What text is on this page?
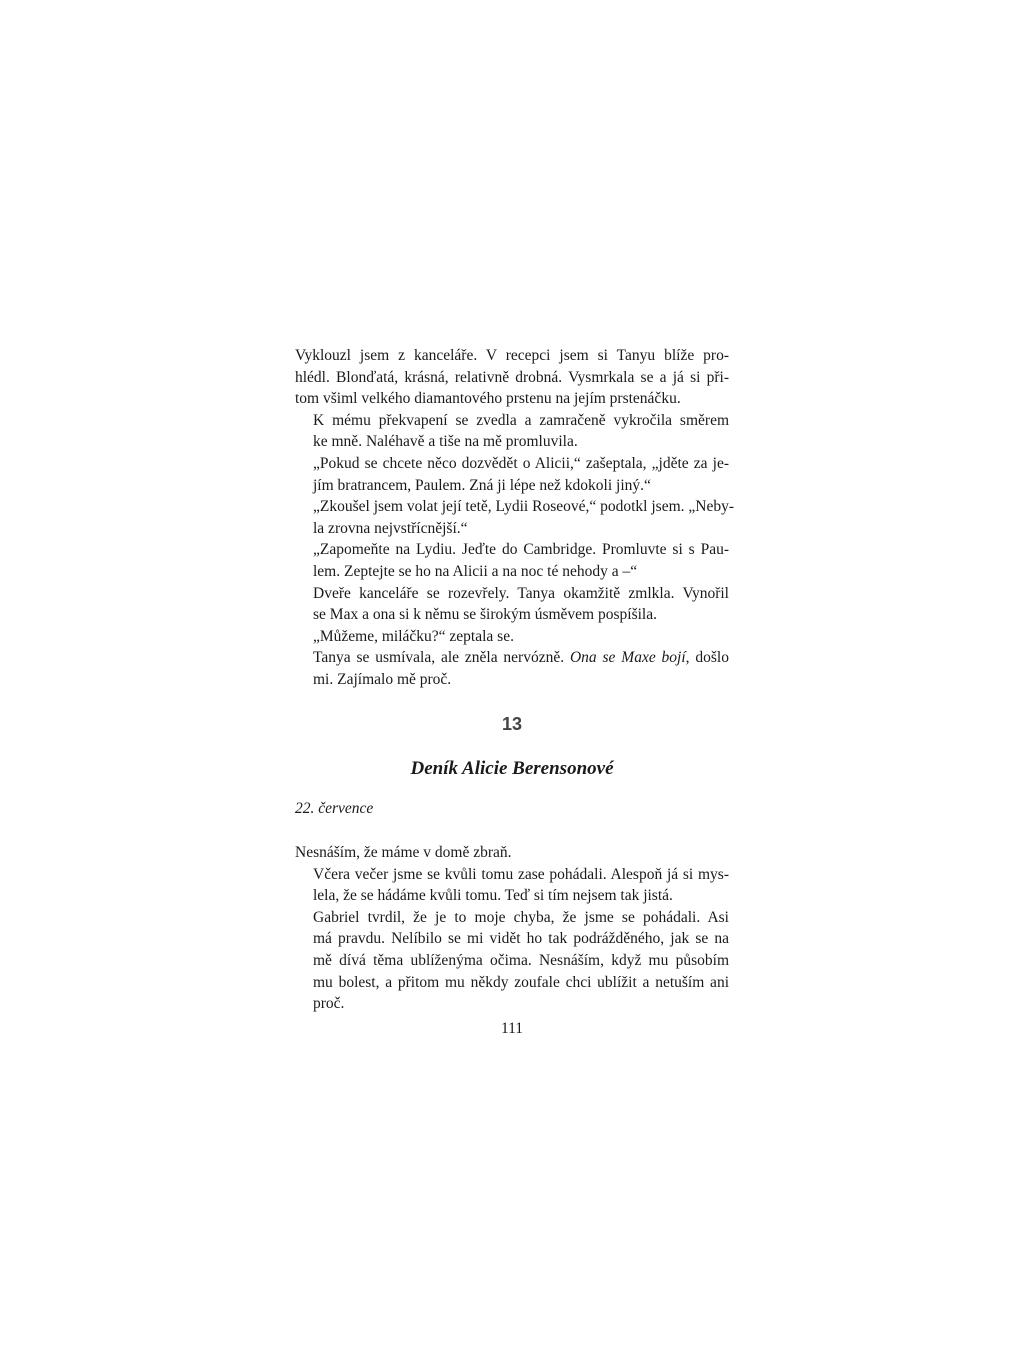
Vyklouzl jsem z kanceláře. V recepci jsem si Tanyu blíže pro-
hlédl. Blonďatá, krásná, relativně drobná. Vysmrkala se a já si při-
tom všiml velkého diamantového prstenu na jejím prstenáčku.

K mému překvapení se zvedla a zamračeně vykročila směrem
ke mně. Naléhavě a tiše na mě promluvila.

„Pokud se chcete něco dozvědět o Alicii,“ zašeptala, „jděte za je-
jím bratrancem, Paulem. Zná ji lépe než kdokoli jiný.“

„Zkoušel jsem volat její tetě, Lydii Roseové,“ podotkl jsem. „Neby-
la zrovna nejvstřícnější.“

„Zapomeňte na Lydiu. Jeďte do Cambridge. Promluvte si s Pau-
lem. Zeptejte se ho na Alicii a na noc té nehody a –“

Dveře kanceláře se rozevřely. Tanya okamžitě zmlkla. Vynořil
se Max a ona si k němu se širokým úsměvem pospíšila.

„Můžeme, miláčku?“ zeptala se.

Tanya se usmívala, ale zněla nervózně. Ona se Maxe bojí, došlo
mi. Zajímalo mě proč.

13
Deník Alicie Berensonové

22. července

Nesnáším, že máme v domě zbraň.

Včera večer jsme se kvůli tomu zase pohádali. Alespoň já si mys-
lela, že se hádáme kvůli tomu. Teď si tím nejsem tak jistá.

Gabriel tvrdil, že je to moje chyba, že jsme se pohádali. Asi
má pravdu. Nelíbilo se mi vidět ho tak podrážděného, jak se na
mě dívá těma ublíženýma očima. Nesnáším, když mu působím
mu bolest, a přitom mu někdy zoufale chci ublížit a netuším ani
proč.

111
